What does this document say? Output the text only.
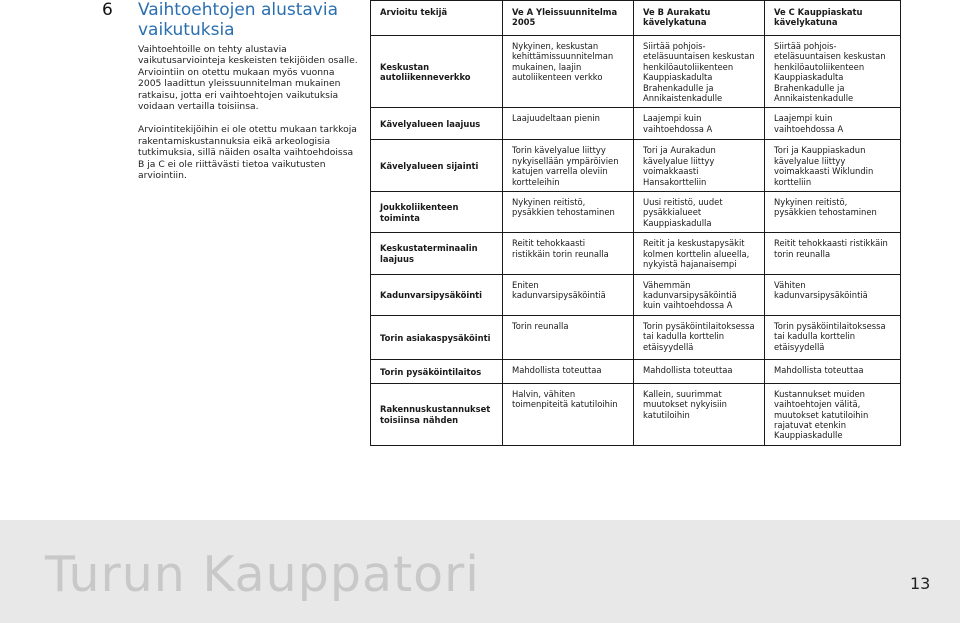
6 Vaihtoehtojen alustavia vaikutuksia

Vaihtoehtoille on tehty alustavia vaikutusarviointeja keskeisten tekijöiden osalle. Arviointiin on otettu mukaan myös vuonna 2005 laadittun yleissuunnitelman mukainen ratkaisu, jotta eri vaihtoehtojen vaikutuksia voidaan vertailla toisiinsa.

Arviointitekijöihin ei ole otettu mukaan tarkkoja rakentamiskustannuksia eikä arkeologisia tutkimuksia, sillä näiden osalta vaihtoehdoissa B ja C ei ole riittävästi tietoa vaikutusten arviointiin.

Arvioitu tekijä	Ve A Yleissuunnitelma 2005	Ve B Aurakatu kävelykatuna	Ve C Kauppiaskatu kävelykatuna
Keskustan autoliikenneverkko	Nykyinen, keskustan kehittämissuunnitelman mukainen, laajin autoliikenteen verkko	Siirtää pohjois-eteläsuuntaisen keskustan henkilöautoliikenteen Kauppiaskadulta Brahenkadulle ja Annikaistenkadulle	Siirtää pohjois-eteläsuuntaisen keskustan henkilöautoliikenteen Kauppiaskadulta Brahenkadulle ja Annikaistenkadulle
Kävelyalueen laajuus	Laajuudeltaan pienin	Laajempi kuin vaihtoehdossa A	Laajempi kuin vaihtoehdossa A
Kävelyalueen sijainti	Torin kävelyalue liittyy nykyisellään ympäröivien katujen varrella oleviin kortteleihin	Tori ja Aurakadun kävelyalue liittyy voimakkaasti Hansakortteliin	Tori ja Kauppiaskadun kävelyalue liittyy voimakkaasti Wiklundin kortteliin
Joukkoliikenteen toiminta	Nykyinen reitistö, pysäkkien tehostaminen	Uusi reitistö, uudet pysäkkialueet Kauppiaskadulla	Nykyinen reitistö, pysäkkien tehostaminen
Keskustaterminaalin laajuus	Reitit tehokkaasti ristikkäin torin reunalla	Reitit ja keskustapysäkit kolmen korttelin alueella, nykyistä hajanaisempi	Reitit tehokkaasti ristikkäin torin reunalla
Kadunvarsipysäköinti	Eniten kadunvarsipysäköintiä	Vähemmän kadunvarsipysäköintiä kuin vaihtoehdossa A	Vähiten kadunvarsipysäköintiä
Torin asiakaspysäköinti	Torin reunalla	Torin pysäköintilaitoksessa tai kadulla korttelin etäisyydellä	Torin pysäköintilaitoksessa tai kadulla korttelin etäisyydellä
Torin pysäköintilaitos	Mahdollista toteuttaa	Mahdollista toteuttaa	Mahdollista toteuttaa
Rakennuskustannukset toisiinsa nähden	Halvin, vähiten toimenpiteitä katutiloihin	Kallein, suurimmat muutokset nykyisiin katutiloihin	Kustannukset muiden vaihtoehtojen välitä, muutokset katutiloihin rajatuvat etenkin Kauppiaskadulle
Turun Kauppatori	13
